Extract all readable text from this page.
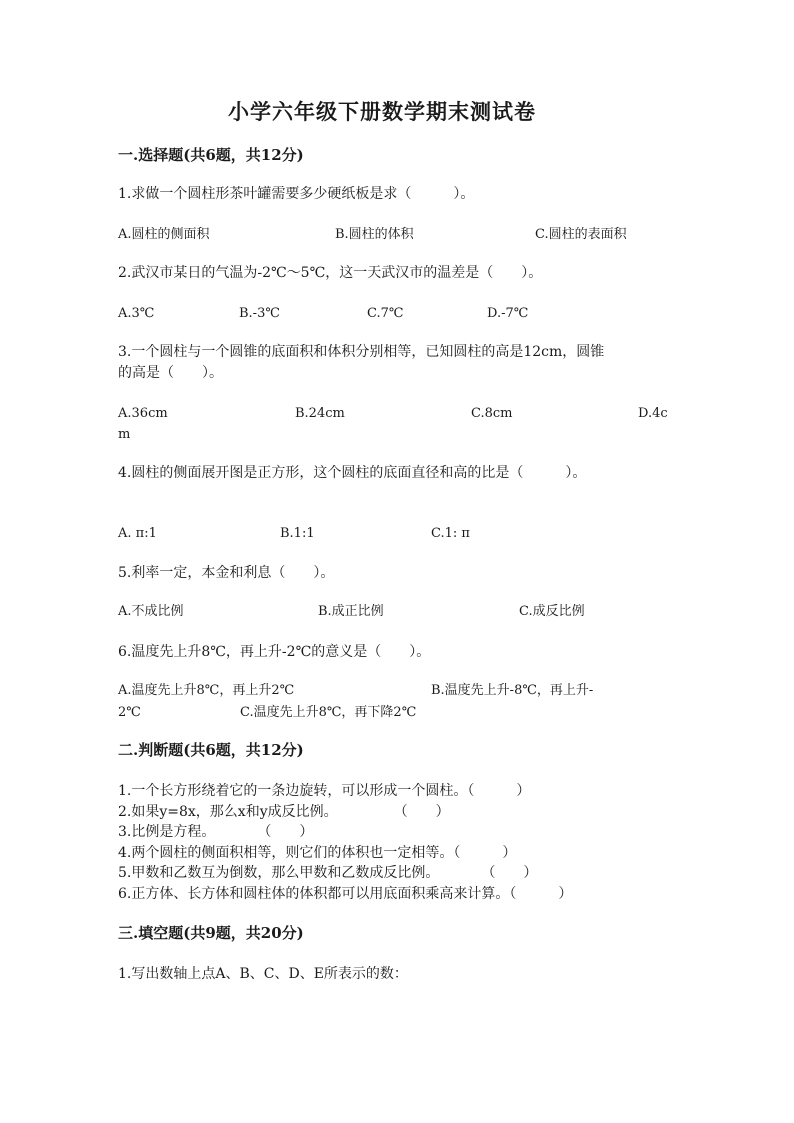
小学六年级下册数学期末测试卷
一.选择题(共6题，共12分)
1.求做一个圆柱形茶叶罐需要多少硬纸板是求（　　　）。
A.圆柱的侧面积	B.圆柱的体积	C.圆柱的表面积
2.武汉市某日的气温为-2℃～5℃，这一天武汉市的温差是（　　）。
A.3℃	B.-3℃	C.7℃	D.-7℃
3.一个圆柱与一个圆锥的底面积和体积分别相等，已知圆柱的高是12cm，圆锥
的高是（　　）。
A.36cm	B.24cm	C.8cm	D.4c
m
4.圆柱的侧面展开图是正方形，这个圆柱的底面直径和高的比是（　　　）。
A. π:1	B.1:1	C.1: π
5.利率一定，本金和利息（　　）。
A.不成比例	B.成正比例	C.成反比例
6.温度先上升8℃，再上升-2℃的意义是（　　）。
A.温度先上升8℃，再上升2℃	B.温度先上升-8℃，再上升-
2℃	C.温度先上升8℃，再下降2℃
二.判断题(共6题，共12分)
1.一个长方形绕着它的一条边旋转，可以形成一个圆柱。（　　　）
2.如果y=8x，那么x和y成反比例。　　　　　（　　）
3.比例是方程。　　　　（　　）
4.两个圆柱的侧面积相等，则它们的体积也一定相等。（　　　）
5.甲数和乙数互为倒数，那么甲数和乙数成反比例。　　　　（　　）
6.正方体、长方体和圆柱体的体积都可以用底面积乘高来计算。（　　　）
三.填空题(共9题，共20分)
1.写出数轴上点A、B、C、D、E所表示的数：
